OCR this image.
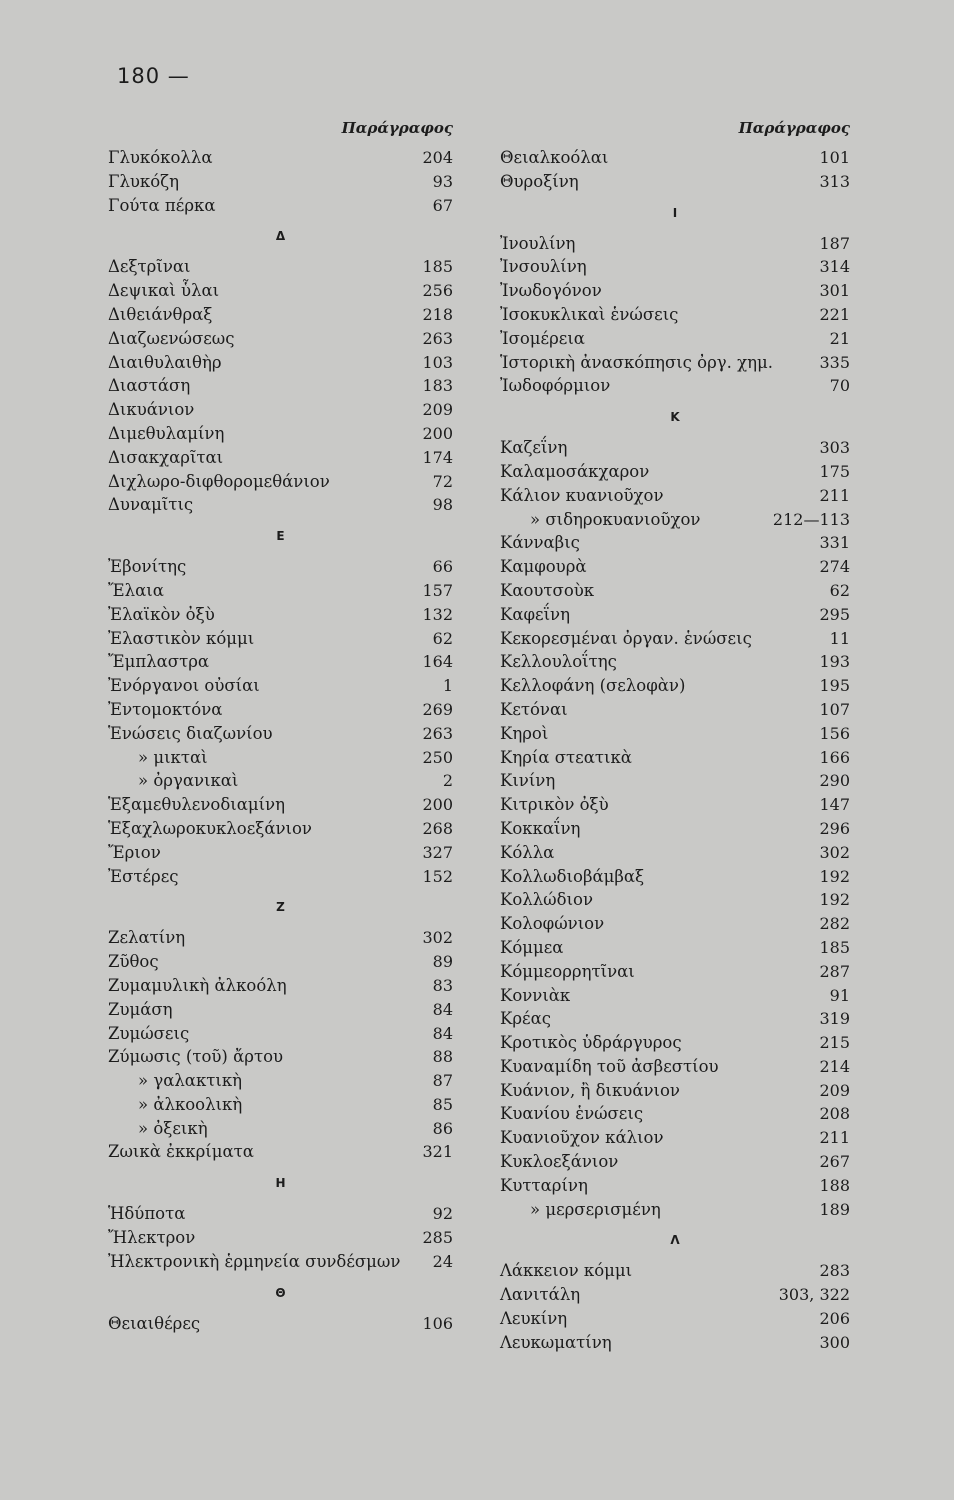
180 —
Παράγραφος
Γλυκόκολλα	204
Γλυκόζη	93
Γούτα πέρκα	67
Δ
Δεξτρῖναι	185
Δεψικαὶ ὗλαι	256
Διθειάνθραξ	218
Διαζωενώσεως	263
Διαιθυλαιθὴρ	103
Διαστάση	183
Δικυάνιον	209
Διμεθυλαμίνη	200
Δισακχαρῖται	174
Διχλωρο-διφθορομεθάνιον	72
Δυναμῖτις	98
Ε
Ἐβονίτης	66
Ἔλαια	157
Ἐλαϊκὸν ὀξὺ	132
Ἐλαστικὸν κόμμι	62
Ἔμπλαστρα	164
Ἐνόργανοι οὐσίαι	1
Ἐντομοκτόνα	269
Ἑνώσεις διαζωνίου	263
» μικταὶ	250
» ὀργανικαὶ	2
Ἑξαμεθυλενοδιαμίνη	200
Ἑξαχλωροκυκλοεξάνιον	268
Ἔριον	327
Ἐστέρες	152
Ζ
Ζελατίνη	302
Ζῦθος	89
Ζυμαμυλικὴ ἀλκοόλη	83
Ζυμάση	84
Ζυμώσεις	84
Ζύμωσις (τοῦ) ἄρτου	88
» γαλακτικὴ	87
» ἀλκοολικὴ	85
» ὀξεικὴ	86
Ζωικὰ ἐκκρίματα	321
Η
Ἡδύποτα	92
Ἤλεκτρον	285
Ἠλεκτρονικὴ ἑρμηνεία συνδέσμων	24
Θ
Θειαιθέρες	106
Παράγραφος
Θειαλκοόλαι	101
Θυροξίνη	313
Ι
Ἰνουλίνη	187
Ἰνσουλίνη	314
Ἰνωδογόνον	301
Ἰσοκυκλικαὶ ἑνώσεις	221
Ἰσομέρεια	21
Ἱστορικὴ ἀνασκόπησις ὀργ. χημ.	335
Ἰωδοφόρμιον	70
Κ
Καζεΐνη	303
Καλαμοσάκχαρον	175
Κάλιον κυανιοῦχον	211
» σιδηροκυανιοῦχον	212—113
Κάνναβις	331
Καμφουρὰ	274
Καουτσοὺκ	62
Καφεΐνη	295
Κεκορεσμέναι ὀργαν. ἑνώσεις	11
Κελλουλοΐτης	193
Κελλοφάνη (σελοφὰν)	195
Κετόναι	107
Κηροὶ	156
Κηρία στεατικὰ	166
Κινίνη	290
Κιτρικὸν ὀξὺ	147
Κοκκαΐνη	296
Κόλλα	302
Κολλωδιοβάμβαξ	192
Κολλώδιον	192
Κολοφώνιον	282
Κόμμεα	185
Κόμμεορρητῖναι	287
Κοννιὰκ	91
Κρέας	319
Κροτικὸς ὑδράργυρος	215
Κυαναμίδη τοῦ ἀσβεστίου	214
Κυάνιον, ἢ δικυάνιον	209
Κυανίου ἑνώσεις	208
Κυανιοῦχον κάλιον	211
Κυκλοεξάνιον	267
Κυτταρίνη	188
» μερσερισμένη	189
Λ
Λάκκειον κόμμι	283
Λανιτάλη	303, 322
Λευκίνη	206
Λευκωματίνη	300
